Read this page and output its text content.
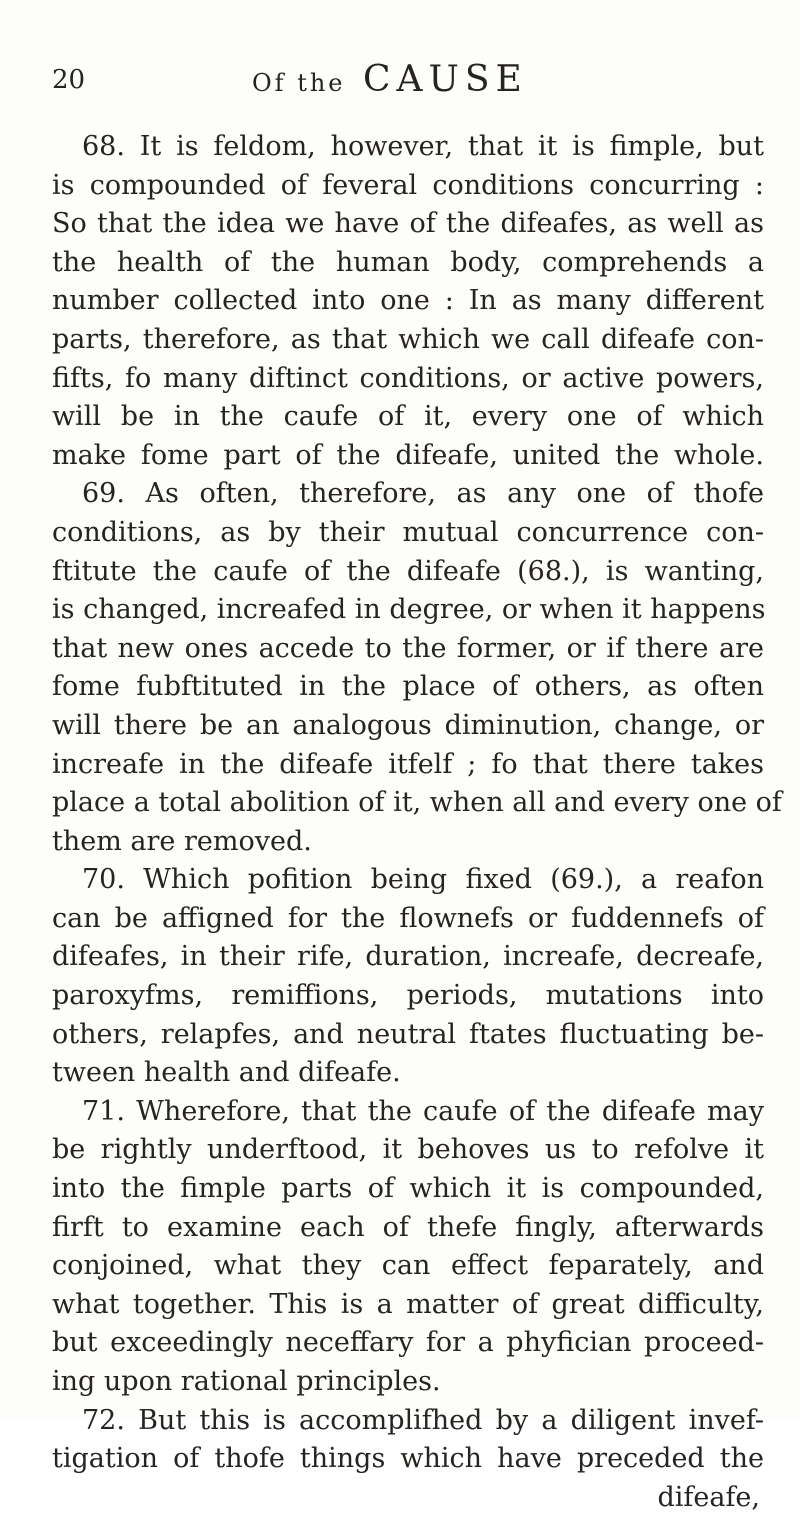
20	Of the CAUSE
68. It is feldom, however, that it is fimple, but
is compounded of feveral conditions concurring :
So that the idea we have of the difeafes, as well as
the health of the human body, comprehends a
number collected into one : In as many different
parts, therefore, as that which we call difeafe con-
fifts, fo many diftinct conditions, or active powers,
will be in the caufe of it, every one of which
make fome part of the difeafe, united the whole.
69. As often, therefore, as any one of thofe
conditions, as by their mutual concurrence con-
ftitute the caufe of the difeafe (68.), is wanting,
is changed, increafed in degree, or when it happens
that new ones accede to the former, or if there are
fome fubftituted in the place of others, as often
will there be an analogous diminution, change, or
increafe in the difeafe itfelf ; fo that there takes
place a total abolition of it, when all and every one of
them are removed.
70. Which pofition being fixed (69.), a reafon
can be affigned for the flownefs or fuddennefs of
difeafes, in their rife, duration, increafe, decreafe,
paroxyfms, remiffions, periods, mutations into
others, relapfes, and neutral ftates fluctuating be-
tween health and difeafe.
71. Wherefore, that the caufe of the difeafe may
be rightly underftood, it behoves us to refolve it
into the fimple parts of which it is compounded,
firft to examine each of thefe fingly, afterwards
conjoined, what they can effect feparately, and
what together. This is a matter of great difficulty,
but exceedingly neceffary for a phyfician proceed-
ing upon rational principles.
72. But this is accomplifhed by a diligent invef-
tigation of thofe things which have preceded the
difeafe,
